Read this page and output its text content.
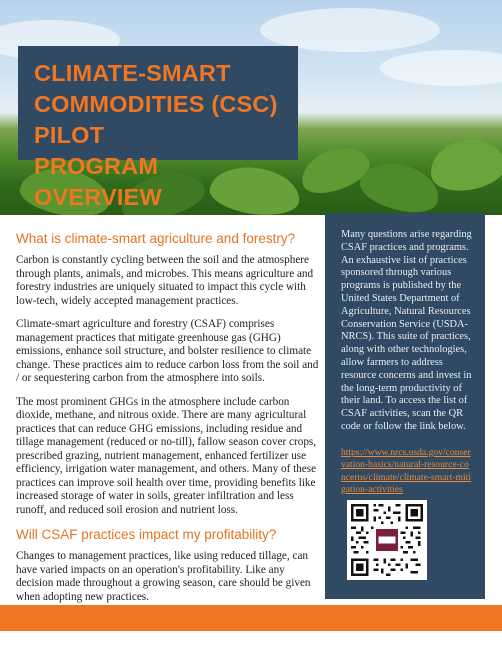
CLIMATE-SMART
COMMODITIES (CSC) PILOT
PROGRAM OVERVIEW
What is climate-smart agriculture and forestry?

Carbon is constantly cycling between the soil and the atmosphere through plants, animals, and microbes. This means agriculture and forestry industries are uniquely situated to impact this cycle with low-tech, widely accepted management practices.

Climate-smart agriculture and forestry (CSAF) comprises management practices that mitigate greenhouse gas (GHG) emissions, enhance soil structure, and bolster resilience to climate change. These practices aim to reduce carbon loss from the soil and / or sequestering carbon from the atmosphere into soils.

The most prominent GHGs in the atmosphere include carbon dioxide, methane, and nitrous oxide. There are many agricultural practices that can reduce GHG emissions, including residue and tillage management (reduced or no-till), fallow season cover crops, prescribed grazing, nutrient management, enhanced fertilizer use efficiency, irrigation water management, and others. Many of these practices can improve soil health over time, providing benefits like increased storage of water in soils, greater infiltration and less runoff, and reduced soil erosion and nutrient loss.

Will CSAF practices impact my profitability?

Changes to management practices, like using reduced tillage, can have varied impacts on an operation's profitability. Like any decision made throughout a growing season, care should be given when adopting new practices.

Many questions arise regarding CSAF practices and programs. An exhaustive list of practices sponsored through various programs is published by the United States Department of Agriculture, Natural Resources Conservation Service (USDA-NRCS). This suite of practices, along with other technologies, allow farmers to address resource concerns and invest in the long-term productivity of their land. To access the list of CSAF activities, scan the QR code or follow the link below.

https://www.nrcs.usda.gov/conservation-basics/natural-resource-concerns/climate/climate-smart-mitigation-activities
